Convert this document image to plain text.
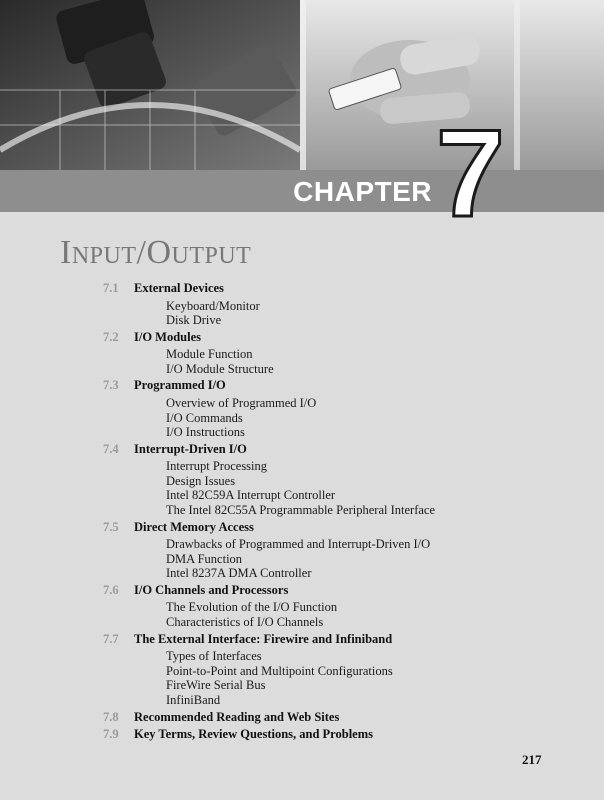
CHAPTER 7
Input/Output
7.1 External Devices
Keyboard/Monitor
Disk Drive
7.2 I/O Modules
Module Function
I/O Module Structure
7.3 Programmed I/O
Overview of Programmed I/O
I/O Commands
I/O Instructions
7.4 Interrupt-Driven I/O
Interrupt Processing
Design Issues
Intel 82C59A Interrupt Controller
The Intel 82C55A Programmable Peripheral Interface
7.5 Direct Memory Access
Drawbacks of Programmed and Interrupt-Driven I/O
DMA Function
Intel 8237A DMA Controller
7.6 I/O Channels and Processors
The Evolution of the I/O Function
Characteristics of I/O Channels
7.7 The External Interface: Firewire and Infiniband
Types of Interfaces
Point-to-Point and Multipoint Configurations
FireWire Serial Bus
InfiniBand
7.8 Recommended Reading and Web Sites
7.9 Key Terms, Review Questions, and Problems
217
